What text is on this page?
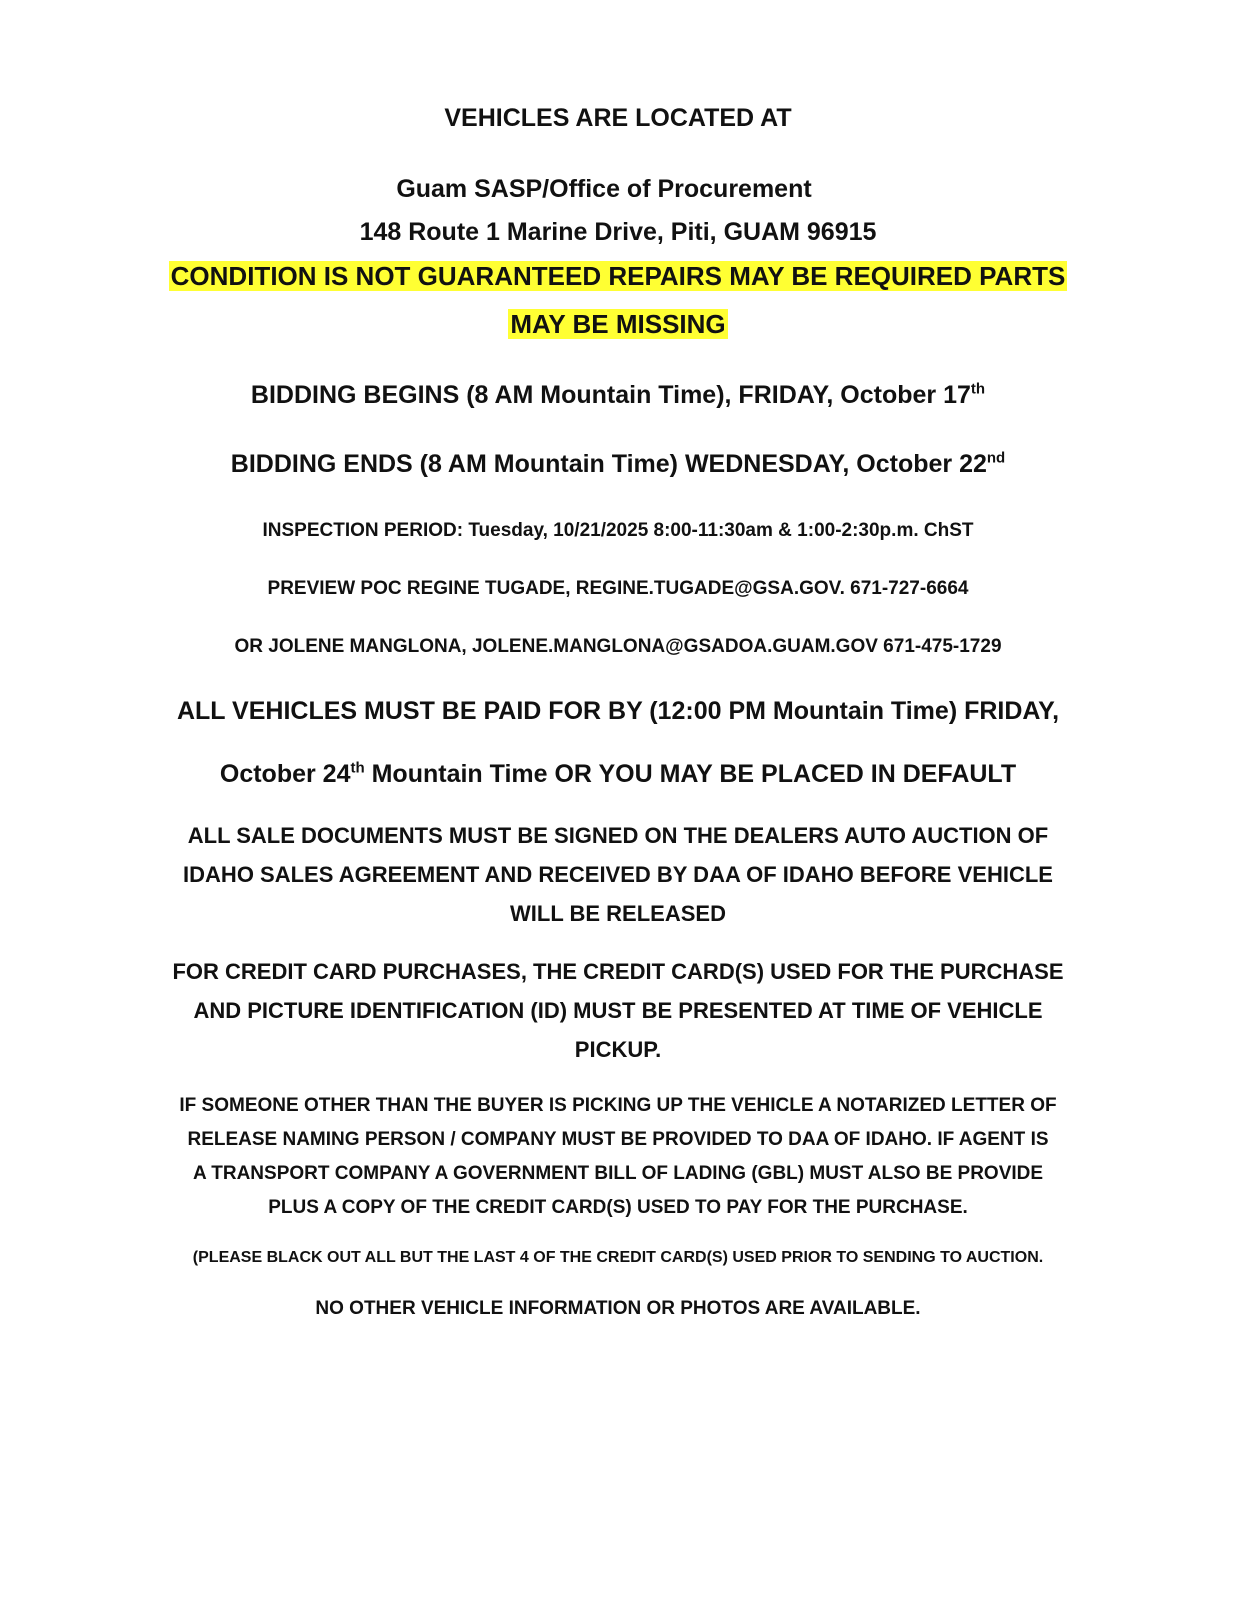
VEHICLES ARE LOCATED AT

Guam SASP/Office of Procurement

148 Route 1 Marine Drive, Piti, GUAM 96915

CONDITION IS NOT GUARANTEED REPAIRS MAY BE REQUIRED PARTS

MAY BE MISSING

BIDDING BEGINS (8 AM Mountain Time), FRIDAY, October 17th

BIDDING ENDS (8 AM Mountain Time) WEDNESDAY, October 22nd

INSPECTION PERIOD: Tuesday, 10/21/2025 8:00-11:30am & 1:00-2:30p.m. ChST

PREVIEW POC REGINE TUGADE, REGINE.TUGADE@GSA.GOV. 671-727-6664

OR JOLENE MANGLONA, JOLENE.MANGLONA@GSADOA.GUAM.GOV 671-475-1729

ALL VEHICLES MUST BE PAID FOR BY (12:00 PM Mountain Time) FRIDAY,

October 24th Mountain Time OR YOU MAY BE PLACED IN DEFAULT

ALL SALE DOCUMENTS MUST BE SIGNED ON THE DEALERS AUTO AUCTION OF

IDAHO SALES AGREEMENT AND RECEIVED BY DAA OF IDAHO BEFORE VEHICLE

WILL BE RELEASED

FOR CREDIT CARD PURCHASES, THE CREDIT CARD(S) USED FOR THE PURCHASE

AND PICTURE IDENTIFICATION (ID) MUST BE PRESENTED AT TIME OF VEHICLE

PICKUP.

IF SOMEONE OTHER THAN THE BUYER IS PICKING UP THE VEHICLE A NOTARIZED LETTER OF

RELEASE NAMING PERSON / COMPANY MUST BE PROVIDED TO DAA OF IDAHO. IF AGENT IS

A TRANSPORT COMPANY A GOVERNMENT BILL OF LADING (GBL) MUST ALSO BE PROVIDE

PLUS A COPY OF THE CREDIT CARD(S) USED TO PAY FOR THE PURCHASE.

(PLEASE BLACK OUT ALL BUT THE LAST 4 OF THE CREDIT CARD(S) USED PRIOR TO SENDING TO AUCTION.

NO OTHER VEHICLE INFORMATION OR PHOTOS ARE AVAILABLE.
